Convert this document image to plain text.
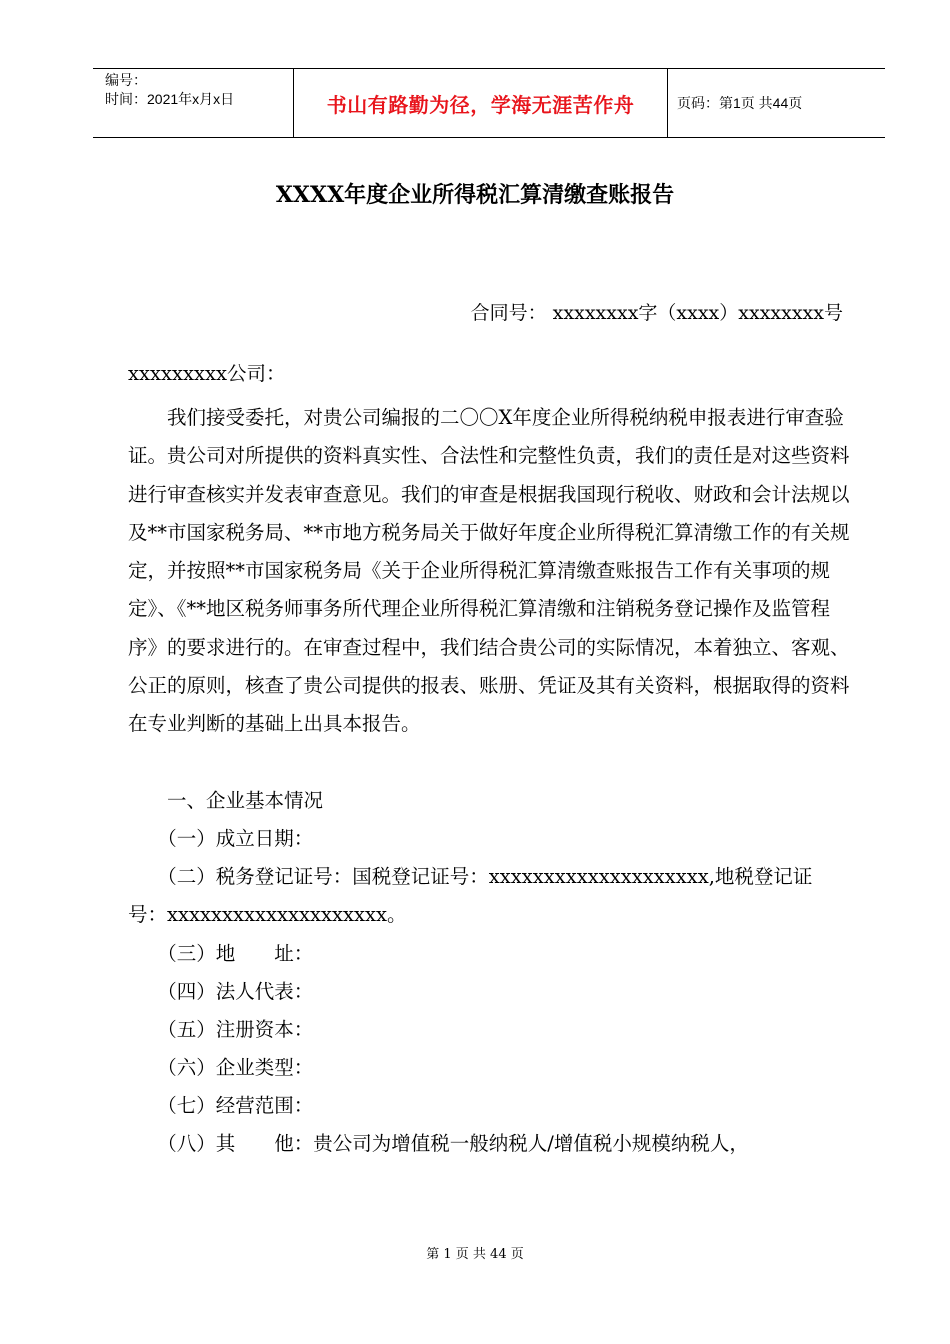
编号：
时间：2021年x月x日	书山有路勤为径，学海无涯苦作舟	页码：第1页 共44页
XXXX年度企业所得税汇算清缴查账报告
合同号： xxxxxxxx字（xxxx）xxxxxxxx号

xxxxxxxxx公司：

　　我们接受委托，对贵公司编报的二〇〇X年度企业所得税纳税申报表进行审查验证。贵公司对所提供的资料真实性、合法性和完整性负责，我们的责任是对这些资料进行审查核实并发表审查意见。我们的审查是根据我国现行税收、财政和会计法规以及**市国家税务局、**市地方税务局关于做好年度企业所得税汇算清缴工作的有关规定，并按照**市国家税务局《关于企业所得税汇算清缴查账报告工作有关事项的规定》、《**地区税务师事务所代理企业所得税汇算清缴和注销税务登记操作及监管程序》的要求进行的。在审查过程中，我们结合贵公司的实际情况，本着独立、客观、公正的原则，核查了贵公司提供的报表、账册、凭证及其有关资料，根据取得的资料在专业判断的基础上出具本报告。

　　一、企业基本情况

　　（一）成立日期：

　　（二）税务登记证号：国税登记证号：xxxxxxxxxxxxxxxxxxxx,地税登记证号：xxxxxxxxxxxxxxxxxxxx。

　　（三）地　　址：

　　（四）法人代表：

　　（五）注册资本：

　　（六）企业类型：

　　（七）经营范围：

　　（八）其　　他：贵公司为增值税一般纳税人/增值税小规模纳税人，

第 1 页 共 44 页
